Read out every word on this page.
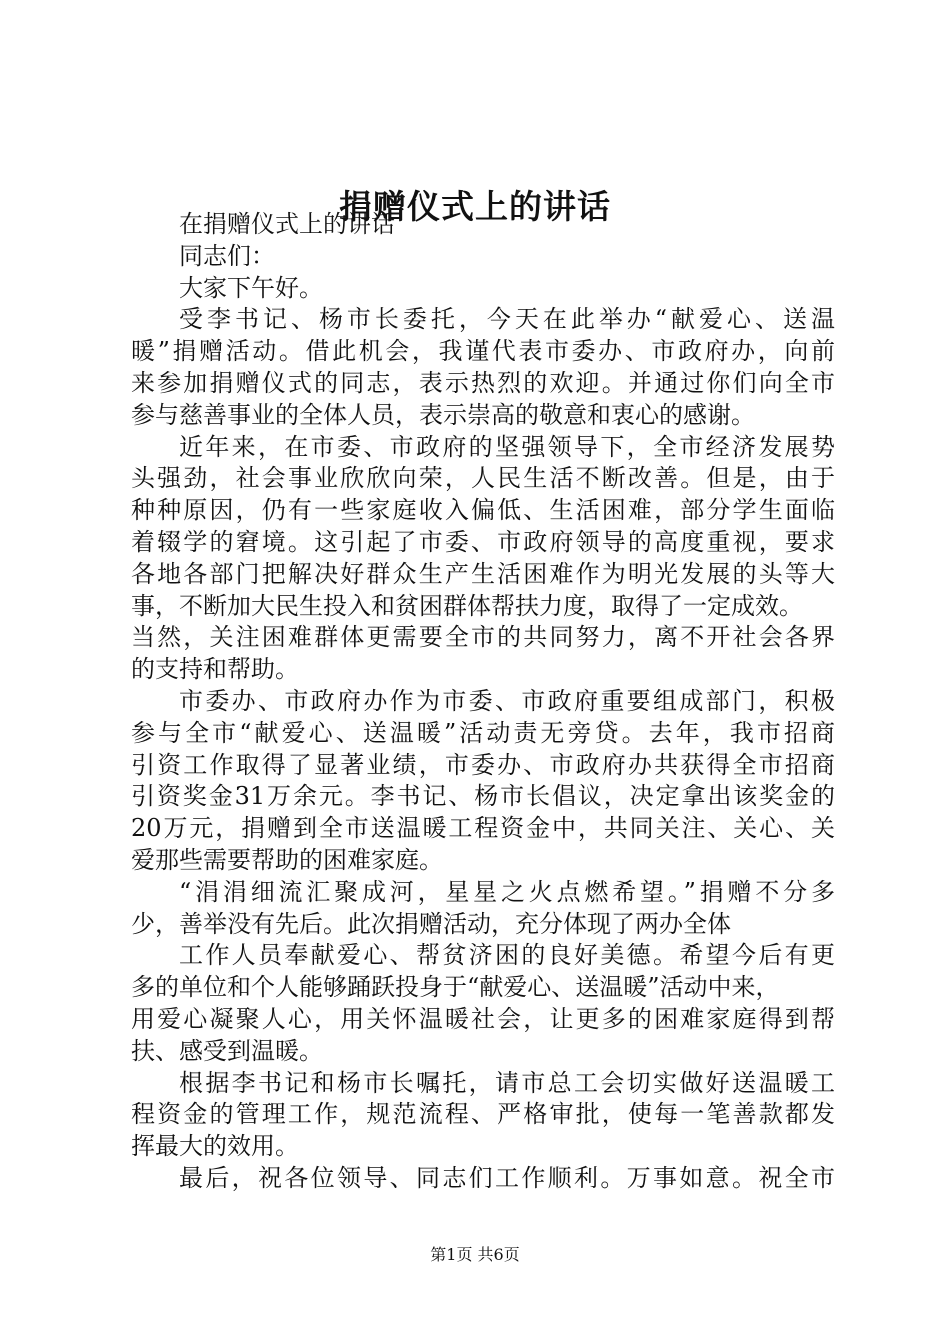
捐赠仪式上的讲话
在捐赠仪式上的讲话
同志们：
大家下午好。
受李书记、杨市长委托，今天在此举办“献爱心、送温
暖”捐赠活动。借此机会，我谨代表市委办、市政府办，向前
来参加捐赠仪式的同志，表示热烈的欢迎。并通过你们向全市
参与慈善事业的全体人员，表示崇高的敬意和衷心的感谢。
近年来，在市委、市政府的坚强领导下，全市经济发展势
头强劲，社会事业欣欣向荣，人民生活不断改善。但是，由于
种种原因，仍有一些家庭收入偏低、生活困难，部分学生面临
着辍学的窘境。这引起了市委、市政府领导的高度重视，要求
各地各部门把解决好群众生产生活困难作为明光发展的头等大
事，不断加大民生投入和贫困群体帮扶力度，取得了一定成效。
当然，关注困难群体更需要全市的共同努力，离不开社会各界
的支持和帮助。
市委办、市政府办作为市委、市政府重要组成部门，积极
参与全市“献爱心、送温暖”活动责无旁贷。去年，我市招商
引资工作取得了显著业绩，市委办、市政府办共获得全市招商
引资奖金31万余元。李书记、杨市长倡议，决定拿出该奖金的
20万元，捐赠到全市送温暖工程资金中，共同关注、关心、关
爱那些需要帮助的困难家庭。
“涓涓细流汇聚成河，星星之火点燃希望。”捐赠不分多
少，善举没有先后。此次捐赠活动，充分体现了两办全体
工作人员奉献爱心、帮贫济困的良好美德。希望今后有更
多的单位和个人能够踊跃投身于“献爱心、送温暖”活动中来，
用爱心凝聚人心，用关怀温暖社会，让更多的困难家庭得到帮
扶、感受到温暖。
根据李书记和杨市长嘱托，请市总工会切实做好送温暖工
程资金的管理工作，规范流程、严格审批，使每一笔善款都发
挥最大的效用。
最后，祝各位领导、同志们工作顺利。万事如意。祝全市
第1页 共6页
